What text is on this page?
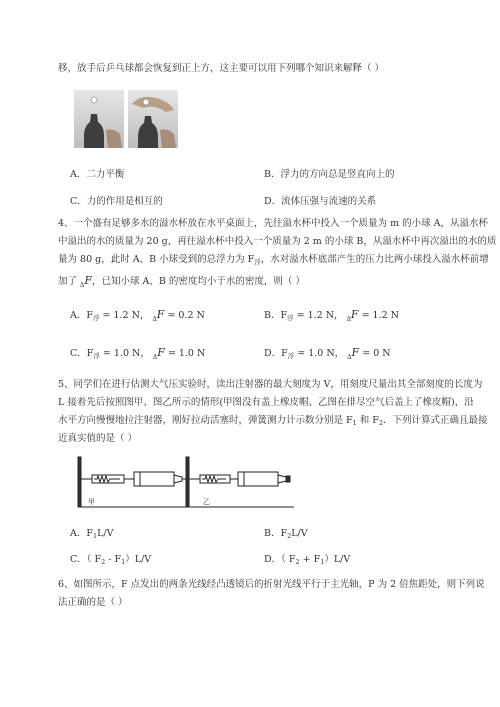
移，放手后乒乓球都会恢复到正上方，这主要可以用下列哪个知识来解释（ ）
A．二力平衡	B．浮力的方向总是竖直向上的
C．力的作用是相互的	D．流体压强与流速的关系
4、一个盛有足够多水的溢水杯放在水平桌面上，先往溢水杯中投入一个质量为 m 的小球 A，从溢水杯
中溢出的水的质量为 20 g，再往溢水杯中投入一个质量为 2 m 的小球 B，从溢水杯中再次溢出的水的质
量为 80 g，此时 A、B 小球受到的总浮力为 $F_浮$，水对溢水杯底部产生的压力比两小球投入溢水杯前增
加了 $_\Delta$F，已知小球 A、B 的密度均小于水的密度，则（ ）
A．$F_浮 = 1.2$ N， $_\Delta$F = 0.2 N	B．$F_浮 = 1.2$ N， $_\Delta$F = 1.2 N
C．$F_浮 = 1.0$ N， $_\Delta$F = 1.0 N	D．$F_浮 = 1.0$ N， $_\Delta$F = 0 N
5、同学们在进行估测大气压实验时，读出注射器的最大刻度为 V，用刻度尺量出其全部刻度的长度为
L 接着先后按照图甲、图乙所示的情形(甲图没有盖上橡皮帽、乙图在排尽空气后盖上了橡皮帽)，沿
水平方向慢慢地拉注射器，刚好拉动活塞时，弹簧测力计示数分别是 $F_1$ 和 $F_2$．下列计算式正确且最接
近真实值的是（ ）
甲	乙
A．$F_1L/V$	B．$F_2L/V$
C．（ $F_2 - F_1)L/V$	D．（ $F_2 + F_1)L/V$
6、如图所示，F 点发出的两条光线经凸透镜后的折射光线平行于主光轴，P 为 2 倍焦距处，则下列说
法正确的是（ ）
